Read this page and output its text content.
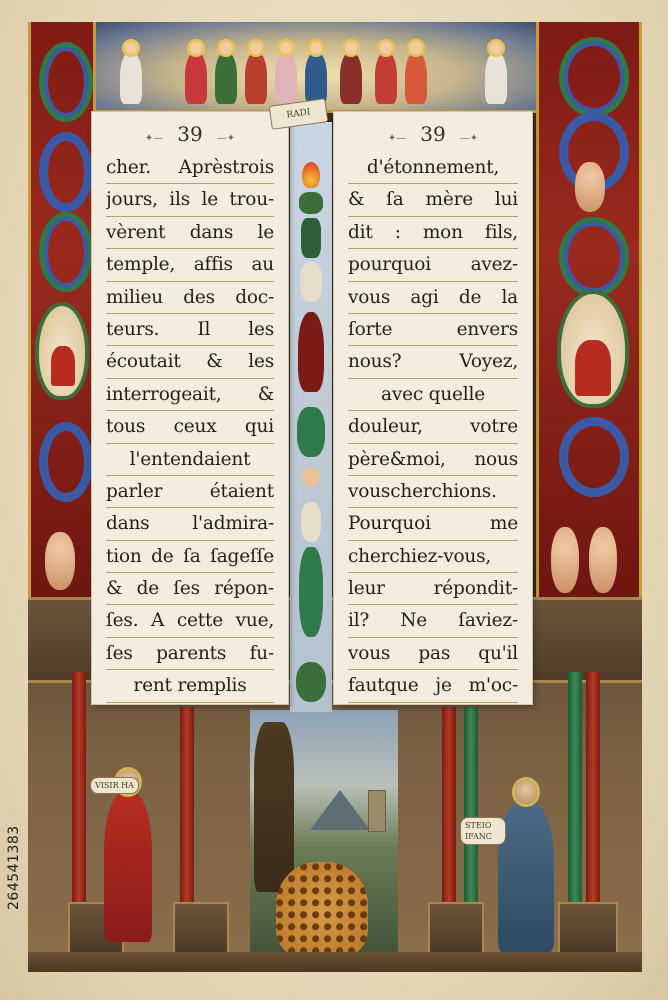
VISIR HA
STEIO IFANC
RADI
✦— 39 —✦
cher. Aprèstrois
jours, ils le trou-
vèrent dans le
temple, affis au
milieu des doc-
teurs. Il les
écoutait & les
interrogeait, &
tous ceux qui
l'entendaient
parler étaient
dans l'admira-
tion de ſa ſageſſe
& de ſes répon-
ſes. A cette vue,
ſes parents fu-
rent remplis
✦— 39 —✦
d'étonnement,
& ſa mère lui
dit : mon fils,
pourquoi avez-
vous agi de la
ſorte envers
nous? Voyez,
avec quelle
douleur, votre
père&moi, nous
vouscherchions.
Pourquoi me
cherchiez-vous,
leur répondit-
il? Ne ſaviez-
vous pas qu'il
fautque je m'oc-
264541383
